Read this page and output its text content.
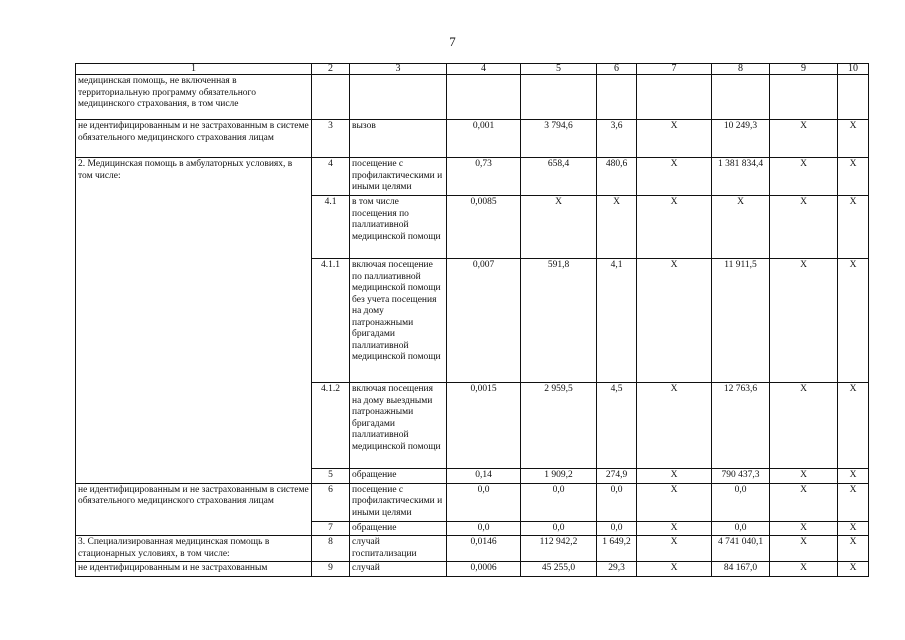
7
1	2	3	4	5	6	7	8	9	10
медицинская помощь, не включенная в территориальную программу обязательного медицинского страхования, в том числе									
не идентифицированным и не застрахованным в системе обязательного медицинского страхования лицам	3	вызов	0,001	3 794,6	3,6	X	10 249,3	X	X
2. Медицинская помощь в амбулаторных условиях, в том числе:	4	посещение с профилактическими и иными целями	0,73	658,4	480,6	X	1 381 834,4	X	X
	4.1	в том числе посещения по паллиативной медицинской помощи	0,0085	X	X	X	X	X	X
	4.1.1	включая посещение по паллиативной медицинской помощи без учета посещения на дому патронажными бригадами паллиативной медицинской помощи	0,007	591,8	4,1	X	11 911,5	X	X
	4.1.2	включая посещения на дому выездными патронажными бригадами паллиативной медицинской помощи	0,0015	2 959,5	4,5	X	12 763,6	X	X
	5	обращение	0,14	1 909,2	274,9	X	790 437,3	X	X
не идентифицированным и не застрахованным в системе обязательного медицинского страхования лицам	6	посещение с профилактическими и иными целями	0,0	0,0	0,0	X	0,0	X	X
	7	обращение	0,0	0,0	0,0	X	0,0	X	X
3. Специализированная медицинская помощь в стационарных условиях, в том числе:	8	случай госпитализации	0,0146	112 942,2	1 649,2	X	4 741 040,1	X	X
не идентифицированным и не застрахованным	9	случай	0,0006	45 255,0	29,3	X	84 167,0	X	X
